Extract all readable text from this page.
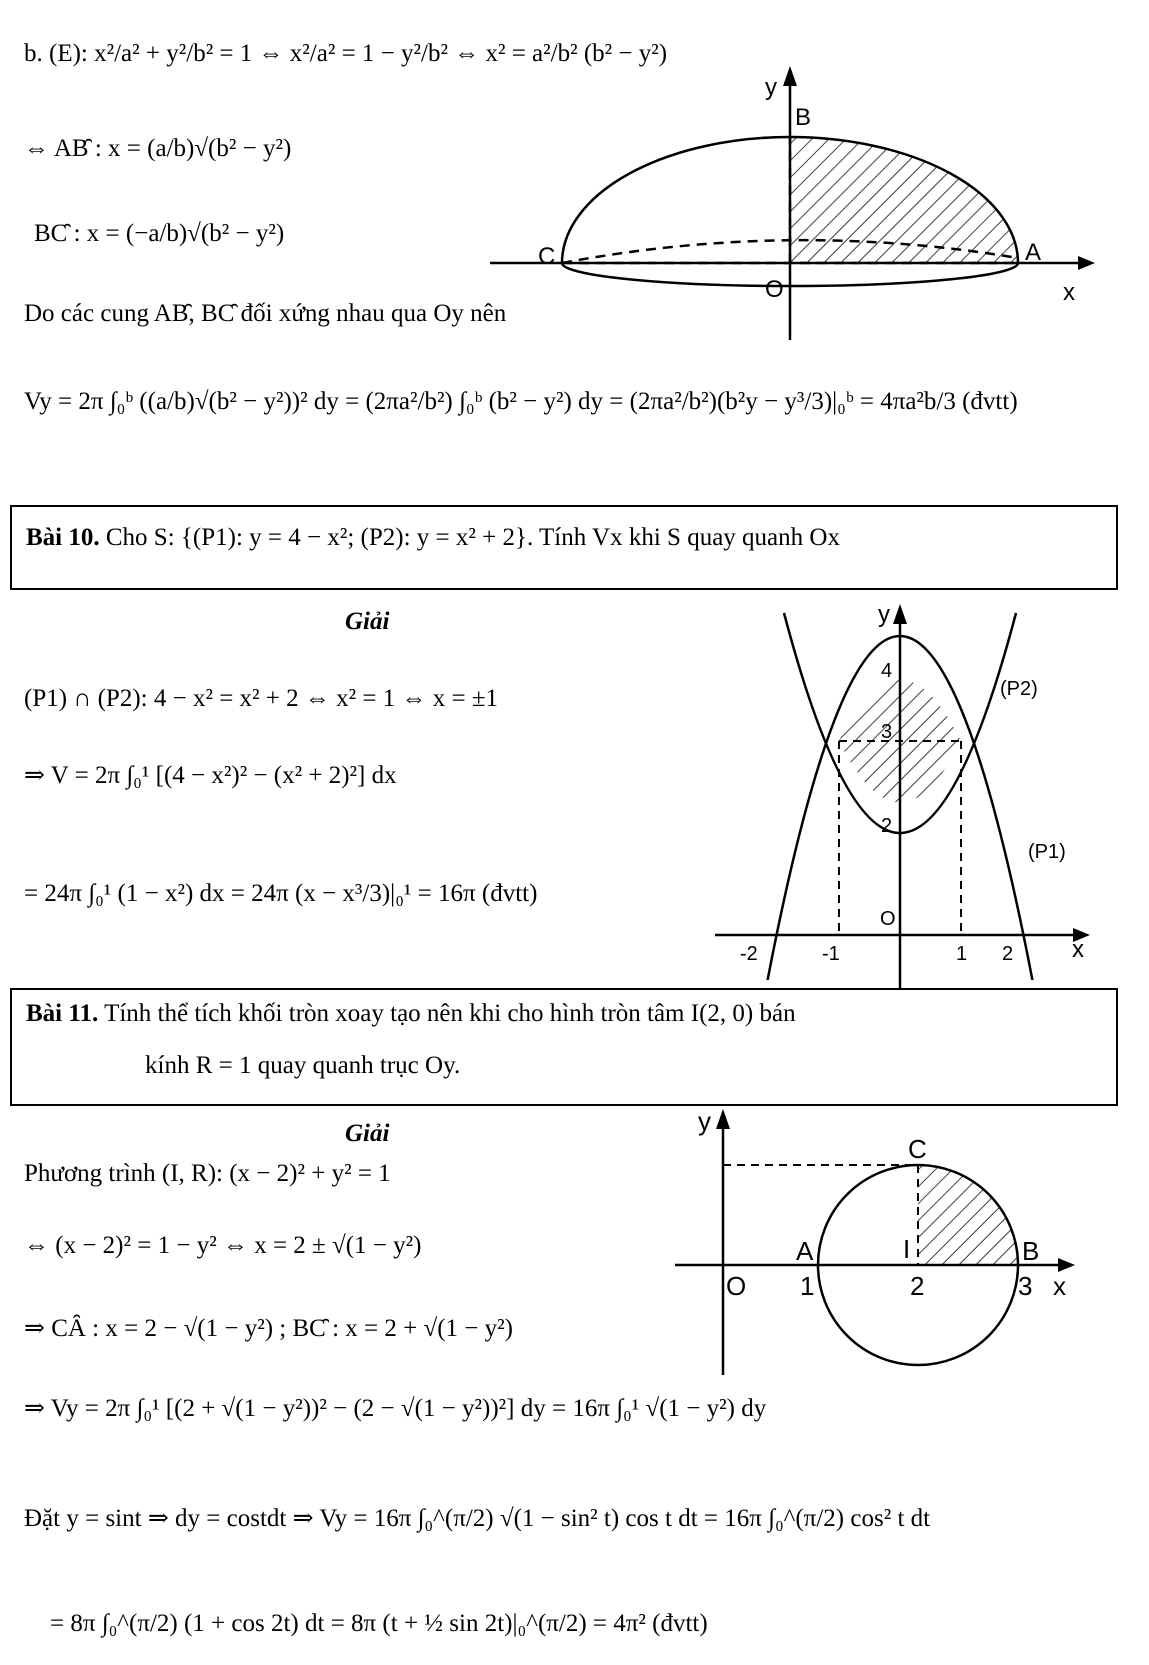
b. (E): x²/a² + y²/b² = 1 ⇔ x²/a² = 1 − y²/b² ⇔ x² = a²/b² (b² − y²)
⇔ AB̑ : x = (a/b)√(b² − y²)
BC̑ : x = (−a/b)√(b² − y²)
Do các cung AB̑, BC̑ đối xứng nhau qua Oy nên
Vy = 2π ∫₀ᵇ ((a/b)√(b² − y²))² dy = (2πa²/b²) ∫₀ᵇ (b² − y²) dy = (2πa²/b²)(b²y − y³/3)|₀ᵇ = 4πa²b/3 (đvtt)
y
B
C	A
O	x
Bài 10. Cho S: {(P1): y = 4 − x²; (P2): y = x² + 2}. Tính Vx khi S quay quanh Ox
Giải
(P1) ∩ (P2): 4 − x² = x² + 2 ⇔ x² = 1 ⇔ x = ±1
⇒ V = 2π ∫₀¹ [(4 − x²)² − (x² + 2)²] dx
= 24π ∫₀¹ (1 − x²) dx = 24π (x − x³/3)|₀¹ = 16π (đvtt)
y
x
O
4
3
2
-2	-1	1 2
(P2)
(P1)
Bài 11. Tính thể tích khối tròn xoay tạo nên khi cho hình tròn tâm I(2, 0) bán
kính R = 1 quay quanh trục Oy.
Giải
Phương trình (I, R): (x − 2)² + y² = 1
⇔ (x − 2)² = 1 − y² ⇔ x = 2 ± √(1 − y²)
⇒ CȂ : x = 2 − √(1 − y²) ; BC̑ : x = 2 + √(1 − y²)
⇒ Vy = 2π ∫₀¹ [(2 + √(1 − y²))² − (2 − √(1 − y²))²] dy = 16π ∫₀¹ √(1 − y²) dy
Đặt y = sint ⇒ dy = costdt ⇒ Vy = 16π ∫₀^(π/2) √(1 − sin² t) cos t dt = 16π ∫₀^(π/2) cos² t dt
= 8π ∫₀^(π/2) (1 + cos 2t) dt = 8π (t + ½ sin 2t)|₀^(π/2) = 4π² (đvtt)
y
C
A	B
I
O 1	2	3 x
